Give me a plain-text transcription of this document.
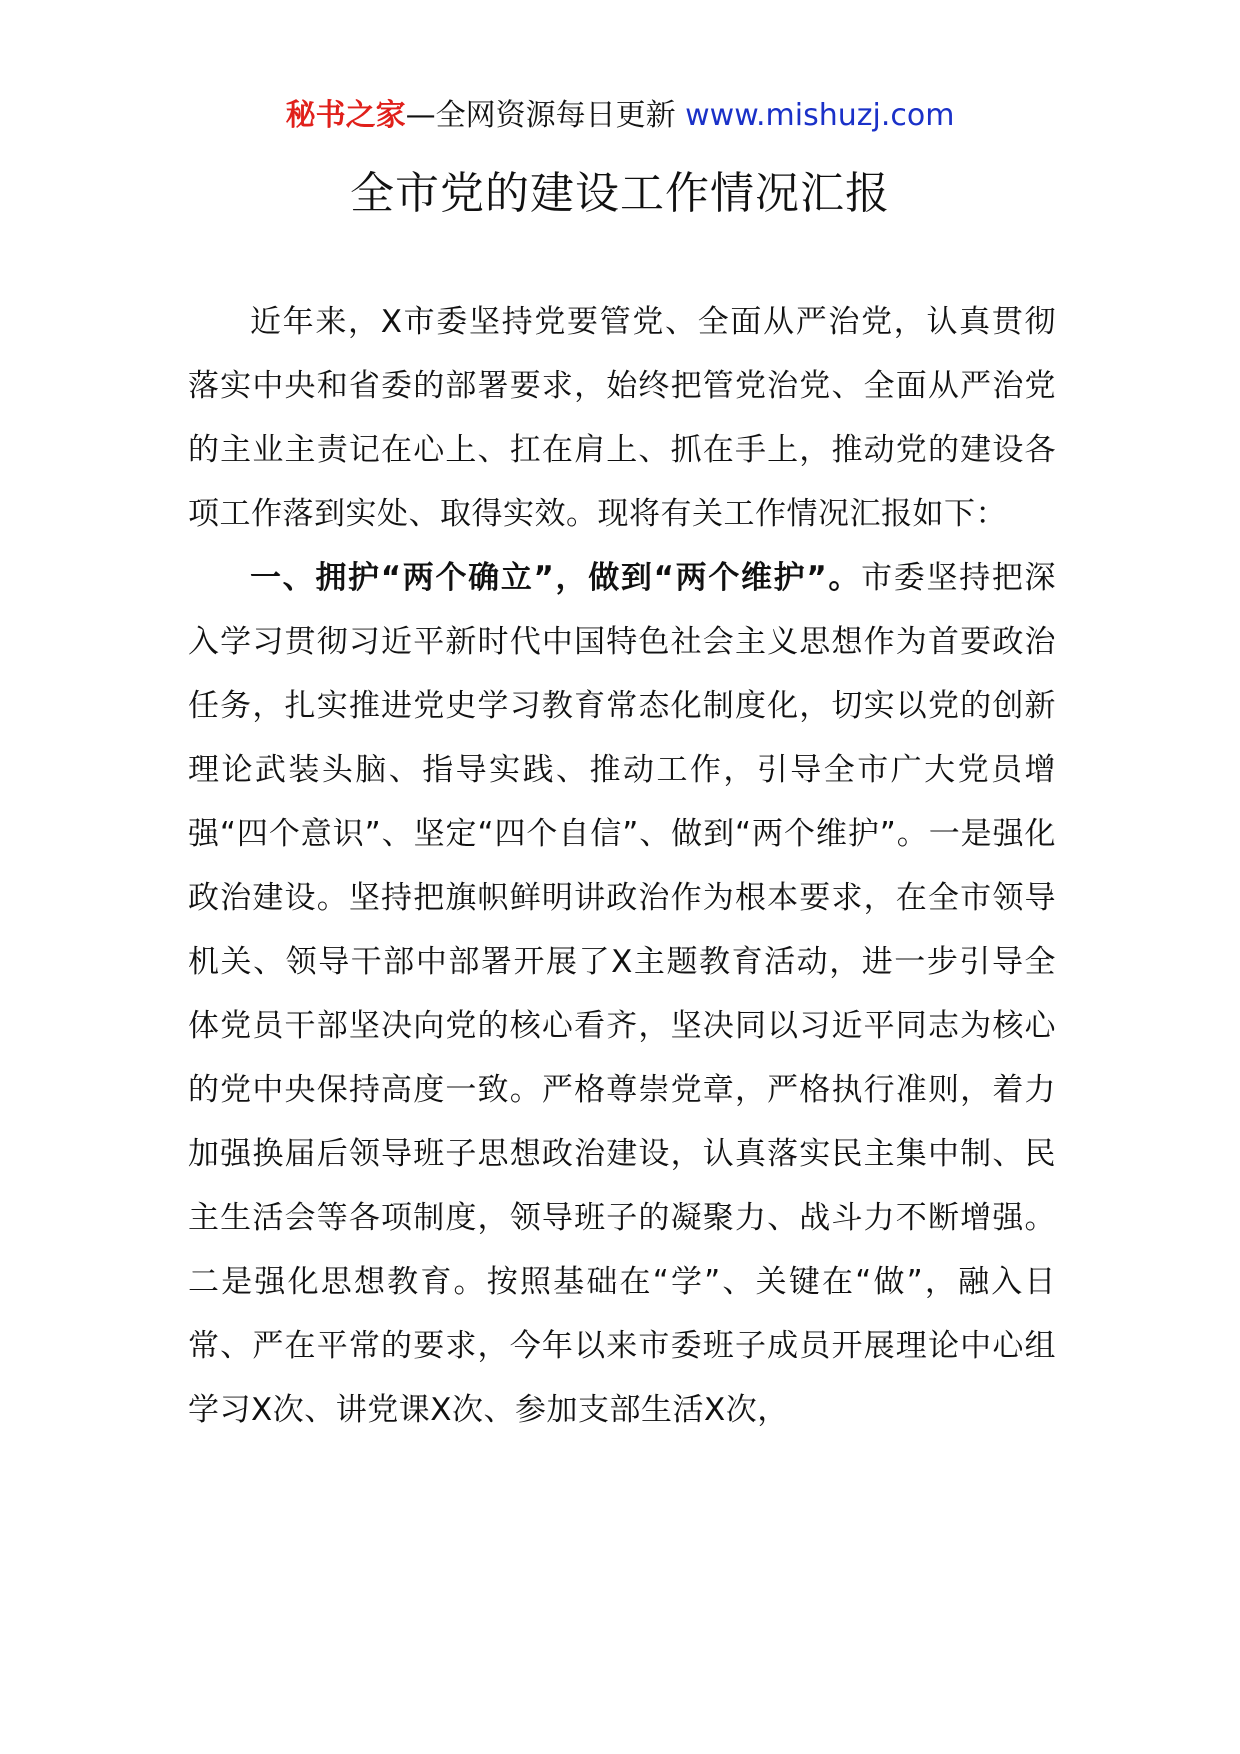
秘书之家—全网资源每日更新 www.mishuzj.com
全市党的建设工作情况汇报

近年来，X市委坚持党要管党、全面从严治党，认真贯彻落实中央和省委的部署要求，始终把管党治党、全面从严治党的主业主责记在心上、扛在肩上、抓在手上，推动党的建设各项工作落到实处、取得实效。现将有关工作情况汇报如下：

一、拥护“两个确立”，做到“两个维护”。市委坚持把深入学习贯彻习近平新时代中国特色社会主义思想作为首要政治任务，扎实推进党史学习教育常态化制度化，切实以党的创新理论武装头脑、指导实践、推动工作，引导全市广大党员增强“四个意识”、坚定“四个自信”、做到“两个维护”。一是强化政治建设。坚持把旗帜鲜明讲政治作为根本要求，在全市领导机关、领导干部中部署开展了X主题教育活动，进一步引导全体党员干部坚决向党的核心看齐，坚决同以习近平同志为核心的党中央保持高度一致。严格尊崇党章，严格执行准则，着力加强换届后领导班子思想政治建设，认真落实民主集中制、民主生活会等各项制度，领导班子的凝聚力、战斗力不断增强。二是强化思想教育。按照基础在“学”、关键在“做”，融入日常、严在平常的要求，今年以来市委班子成员开展理论中心组学习X次、讲党课X次、参加支部生活X次，
